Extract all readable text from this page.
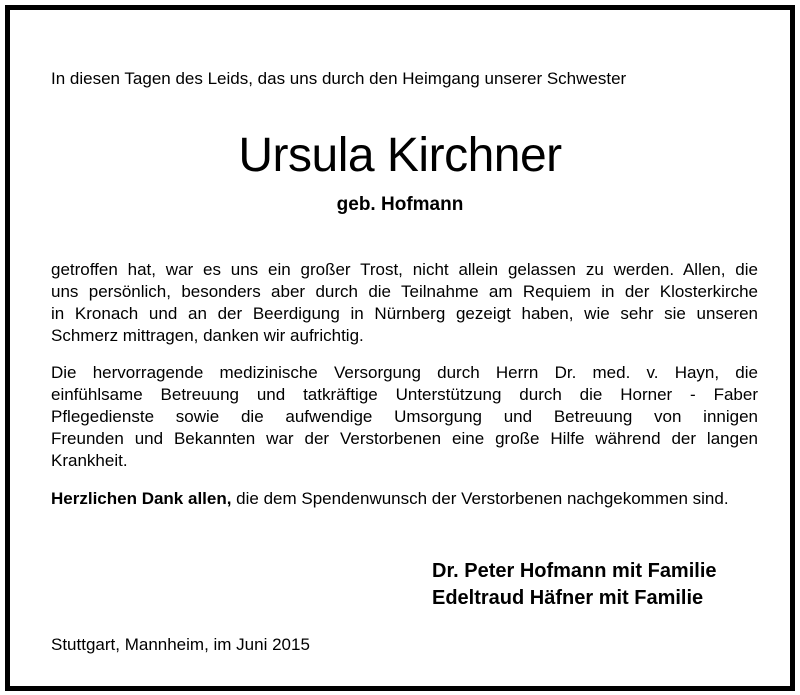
In diesen Tagen des Leids, das uns durch den Heimgang unserer Schwester

Ursula Kirchner

geb. Hofmann

getroffen hat, war es uns ein großer Trost, nicht allein gelassen zu werden. Allen, die
uns persönlich, besonders aber durch die Teilnahme am Requiem in der Klosterkirche
in Kronach und an der Beerdigung in Nürnberg gezeigt haben, wie sehr sie unseren
Schmerz mittragen, danken wir aufrichtig.

Die hervorragende medizinische Versorgung durch Herrn Dr. med. v. Hayn, die
einfühlsame Betreuung und tatkräftige Unterstützung durch die Horner - Faber
Pflegedienste sowie die aufwendige Umsorgung und Betreuung von innigen
Freunden und Bekannten war der Verstorbenen eine große Hilfe während der langen
Krankheit.

Herzlichen Dank allen, die dem Spendenwunsch der Verstorbenen nachgekommen sind.

Dr. Peter Hofmann mit Familie
Edeltraud Häfner mit Familie

Stuttgart, Mannheim, im Juni 2015
